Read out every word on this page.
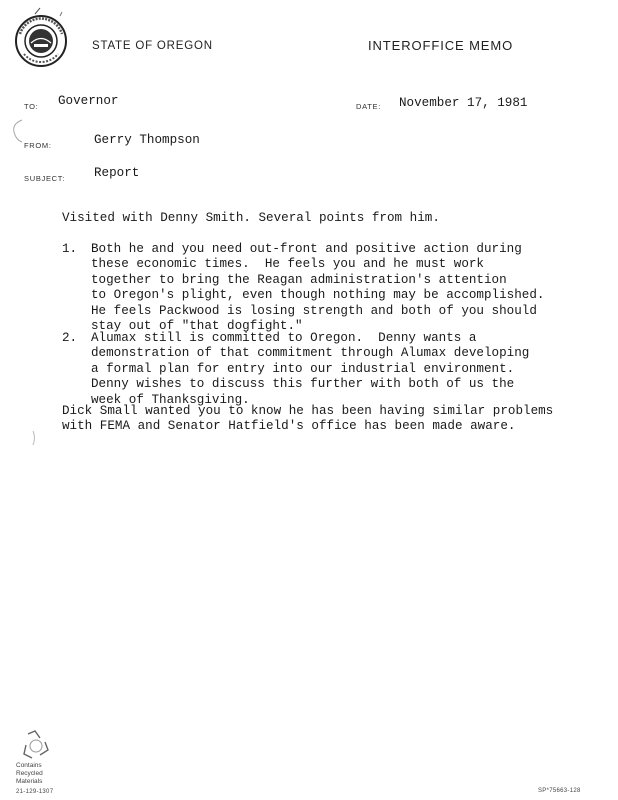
STATE OF OREGON	INTEROFFICE MEMO
TO: Governor	DATE: November 17, 1981
FROM:	Gerry Thompson
SUBJECT: Report
Visited with Denny Smith. Several points from him.
1. Both he and you need out-front and positive action during
these economic times.  He feels you and he must work
together to bring the Reagan administration's attention
to Oregon's plight, even though nothing may be accomplished.
He feels Packwood is losing strength and both of you should
stay out of "that dogfight."
2. Alumax still is committed to Oregon.  Denny wants a
demonstration of that commitment through Alumax developing
a formal plan for entry into our industrial environment.
Denny wishes to discuss this further with both of us the
week of Thanksgiving.
Dick Small wanted you to know he has been having similar problems
with FEMA and Senator Hatfield's office has been made aware.
Contains
Recycled
Materials
21-129-1307	SP*75663-128
